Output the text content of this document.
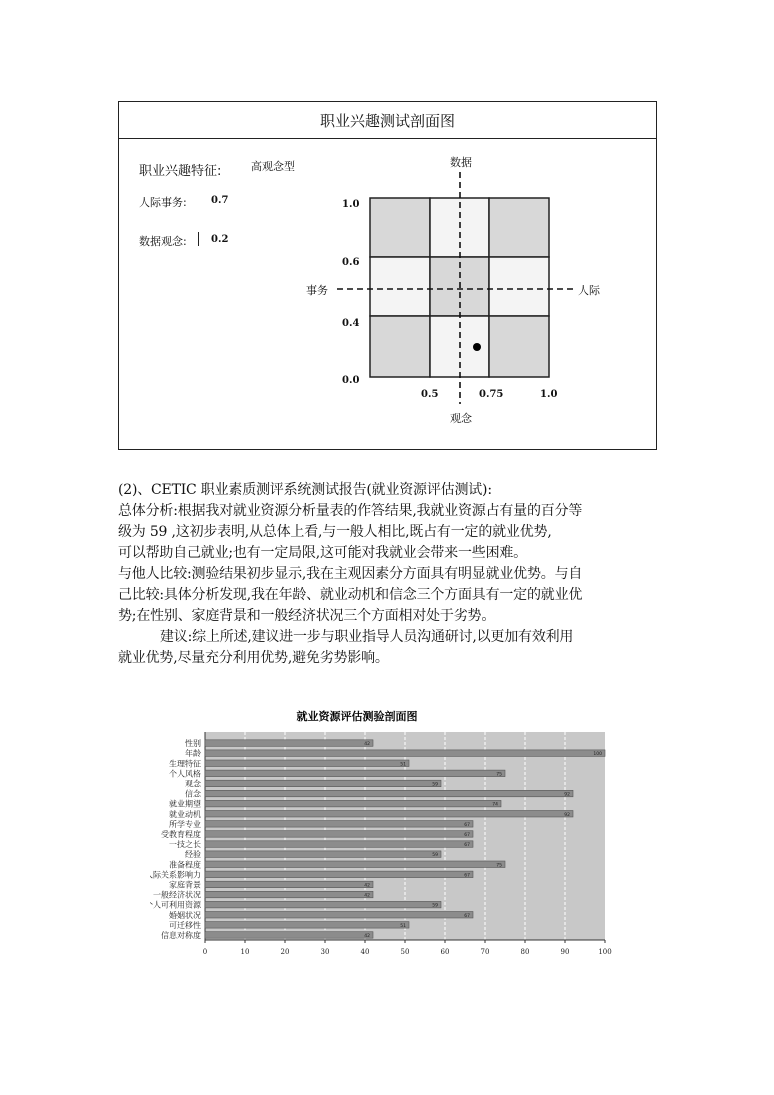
职业兴趣测试剖面图
职业兴趣特征:	高观念型
人际事务: 0.7
数据观念: 0.2
数据
观念
事务	人际
1.0
0.6
0.4
0.0
0.5	0.75	1.0

(2)、CETIC 职业素质测评系统测试报告(就业资源评估测试):

总体分析:根据我对就业资源分析量表的作答结果,我就业资源占有量的百分等

级为 59 ,这初步表明,从总体上看,与一般人相比,既占有一定的就业优势,

可以帮助自己就业;也有一定局限,这可能对我就业会带来一些困难。

与他人比较:测验结果初步显示,我在主观因素分方面具有明显就业优势。与自

己比较:具体分析发现,我在年龄、就业动机和信念三个方面具有一定的就业优

势;在性别、家庭背景和一般经济状况三个方面相对处于劣势。

建议:综上所述,建议进一步与职业指导人员沟通研讨,以更加有效利用

就业优势,尽量充分利用优势,避免劣势影响。

就业资源评估测验剖面图
0	10	20	30	40	50	60	70	80	90	100
性别	42
年龄	100
生理特征	51
个人风格	75
观念	59
信念	92
就业期望	74
就业动机	92
所学专业	67
受教育程度	67
一技之长	67
经验	59
准备程度	75
人际关系影响力	67
家庭背景	42
一般经济状况	42
个人可利用资源	59
婚姻状况	67
可迁移性	51
信息对称度	42
